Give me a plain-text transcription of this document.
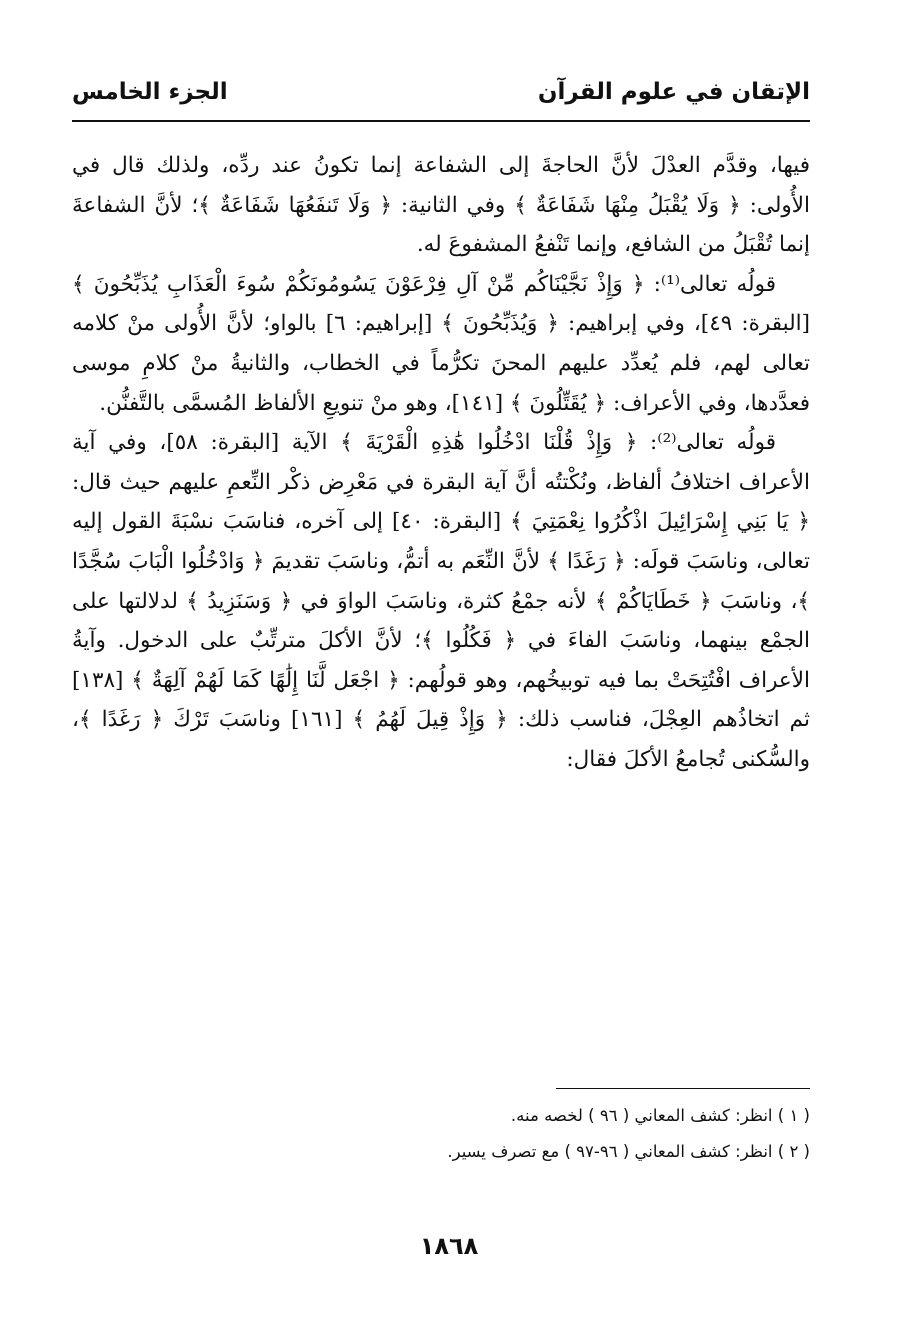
الإتقان في علوم القرآن
الجزء الخامس

فيها، وقدَّم العدْلَ لأنَّ الحاجةَ إلى الشفاعة إنما تكونُ عند ردِّه، ولذلك قال في الأُولى: ﴿ وَلَا يُقْبَلُ مِنْهَا شَفَاعَةٌ ﴾ وفي الثانية: ﴿ وَلَا تَنفَعُهَا شَفَاعَةٌ ﴾؛ لأنَّ الشفاعةَ إنما تُقْبَلُ من الشافع، وإنما تَنْفعُ المشفوعَ له.

قولُه تعالى⁽¹⁾: ﴿ وَإِذْ نَجَّيْنَاكُم مِّنْ آلِ فِرْعَوْنَ يَسُومُونَكُمْ سُوءَ الْعَذَابِ يُذَبِّحُونَ ﴾ [البقرة: ٤٩]، وفي إبراهيم: ﴿ وَيُذَبِّحُونَ ﴾ [إبراهيم: ٦] بالواو؛ لأنَّ الأُولى منْ كلامه تعالى لهم، فلم يُعدِّد عليهم المحنَ تكرُّماً في الخطاب، والثانيةُ منْ كلامِ موسى فعدَّدها، وفي الأعراف: ﴿ يُقَتِّلُونَ ﴾ [١٤١]، وهو منْ تنويعِ الألفاظ المُسمَّى بالتَّفنُّن.

قولُه تعالى⁽²⁾: ﴿ وَإِذْ قُلْنَا ادْخُلُوا هَٰذِهِ الْقَرْيَةَ ﴾ الآية [البقرة: ٥٨]، وفي آية الأعراف اختلافُ ألفاظ، ونُكْتتُه أنَّ آية البقرة في مَعْرِض ذكْر النِّعمِ عليهم حيث قال: ﴿ يَا بَنِي إِسْرَائِيلَ اذْكُرُوا نِعْمَتِيَ ﴾ [البقرة: ٤٠] إلى آخره، فناسَبَ نسْبَةَ القول إليه تعالى، وناسَبَ قولَه: ﴿ رَغَدًا ﴾ لأنَّ النِّعَم به أتمُّ، وناسَبَ تقديمَ ﴿ وَادْخُلُوا الْبَابَ سُجَّدًا ﴾، وناسَبَ ﴿ خَطَايَاكُمْ ﴾ لأنه جمْعُ كثرة، وناسَبَ الواوَ في ﴿ وَسَنَزِيدُ ﴾ لدلالتها على الجمْع بينهما، وناسَبَ الفاءَ في ﴿ فَكُلُوا ﴾؛ لأنَّ الأكلَ مترتِّبٌ على الدخول. وآيةُ الأعراف افْتُتِحَتْ بما فيه توبيخُهم، وهو قولُهم: ﴿ اجْعَل لَّنَا إِلَٰهًا كَمَا لَهُمْ آلِهَةٌ ﴾ [١٣٨] ثم اتخاذُهم العِجْلَ، فناسب ذلك: ﴿ وَإِذْ قِيلَ لَهُمُ ﴾ [١٦١] وناسَبَ تَرْكَ ﴿ رَغَدًا ﴾، والسُّكنى تُجامعُ الأكلَ فقال:

( ١ ) انظر: كشف المعاني ( ٩٦ ) لخصه منه.

( ٢ ) انظر: كشف المعاني ( ٩٦-٩٧ ) مع تصرف يسير.

١٨٦٨
